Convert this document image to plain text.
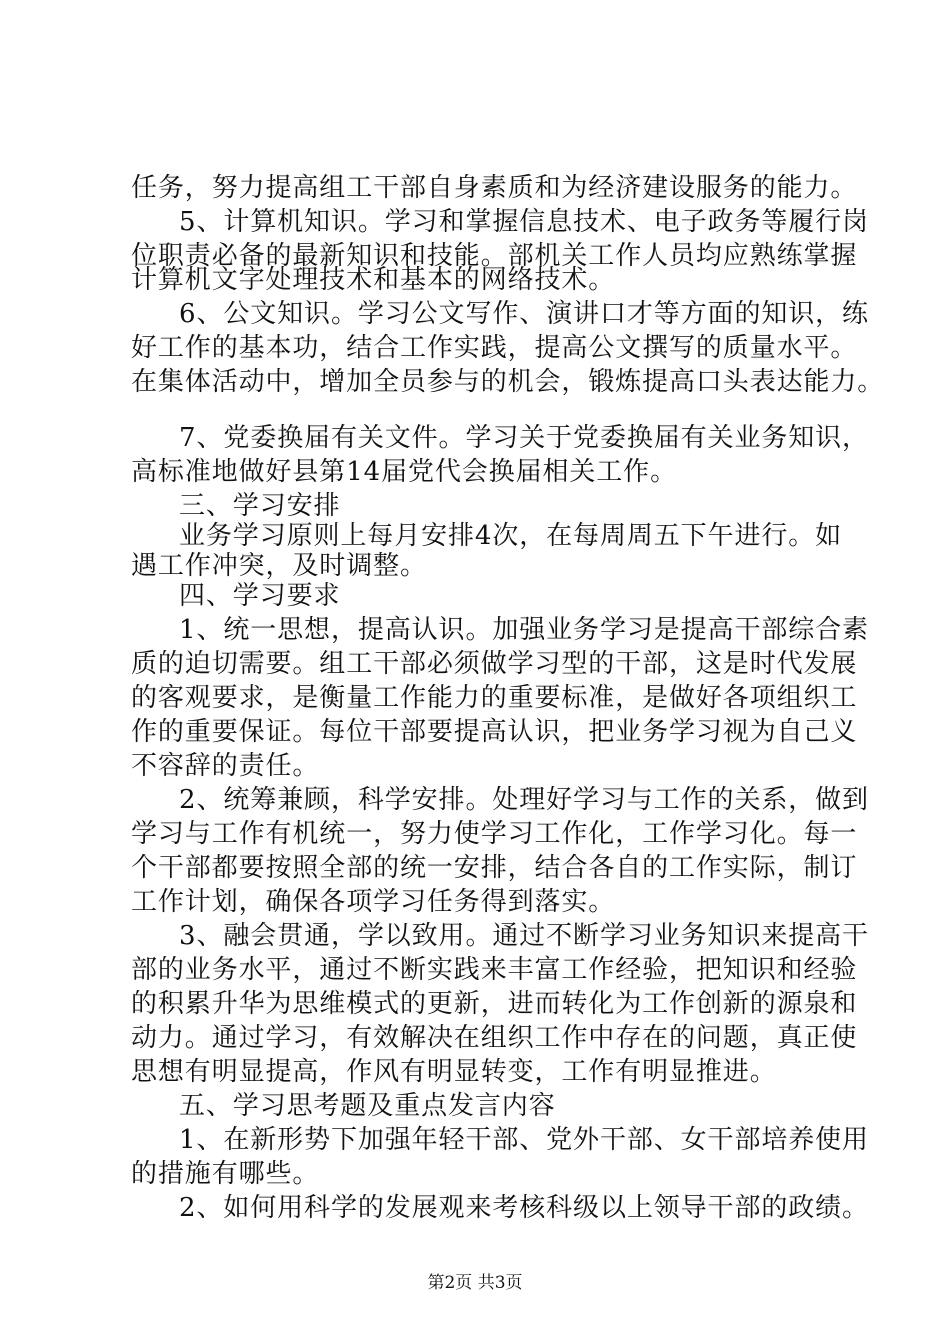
任务，努力提高组工干部自身素质和为经济建设服务的能力。
5、计算机知识。学习和掌握信息技术、电子政务等履行岗
位职责必备的最新知识和技能。部机关工作人员均应熟练掌握
计算机文字处理技术和基本的网络技术。
6、公文知识。学习公文写作、演讲口才等方面的知识，练
好工作的基本功，结合工作实践，提高公文撰写的质量水平。
在集体活动中，增加全员参与的机会，锻炼提高口头表达能力。
7、党委换届有关文件。学习关于党委换届有关业务知识，
高标准地做好县第14届党代会换届相关工作。
三、学习安排
业务学习原则上每月安排4次，在每周周五下午进行。如
遇工作冲突，及时调整。
四、学习要求
1、统一思想，提高认识。加强业务学习是提高干部综合素
质的迫切需要。组工干部必须做学习型的干部，这是时代发展
的客观要求，是衡量工作能力的重要标准，是做好各项组织工
作的重要保证。每位干部要提高认识，把业务学习视为自己义
不容辞的责任。
2、统筹兼顾，科学安排。处理好学习与工作的关系，做到
学习与工作有机统一，努力使学习工作化，工作学习化。每一
个干部都要按照全部的统一安排，结合各自的工作实际，制订
工作计划，确保各项学习任务得到落实。
3、融会贯通，学以致用。通过不断学习业务知识来提高干
部的业务水平，通过不断实践来丰富工作经验，把知识和经验
的积累升华为思维模式的更新，进而转化为工作创新的源泉和
动力。通过学习，有效解决在组织工作中存在的问题，真正使
思想有明显提高，作风有明显转变，工作有明显推进。
五、学习思考题及重点发言内容
1、在新形势下加强年轻干部、党外干部、女干部培养使用
的措施有哪些。
2、如何用科学的发展观来考核科级以上领导干部的政绩。
第2页 共3页
